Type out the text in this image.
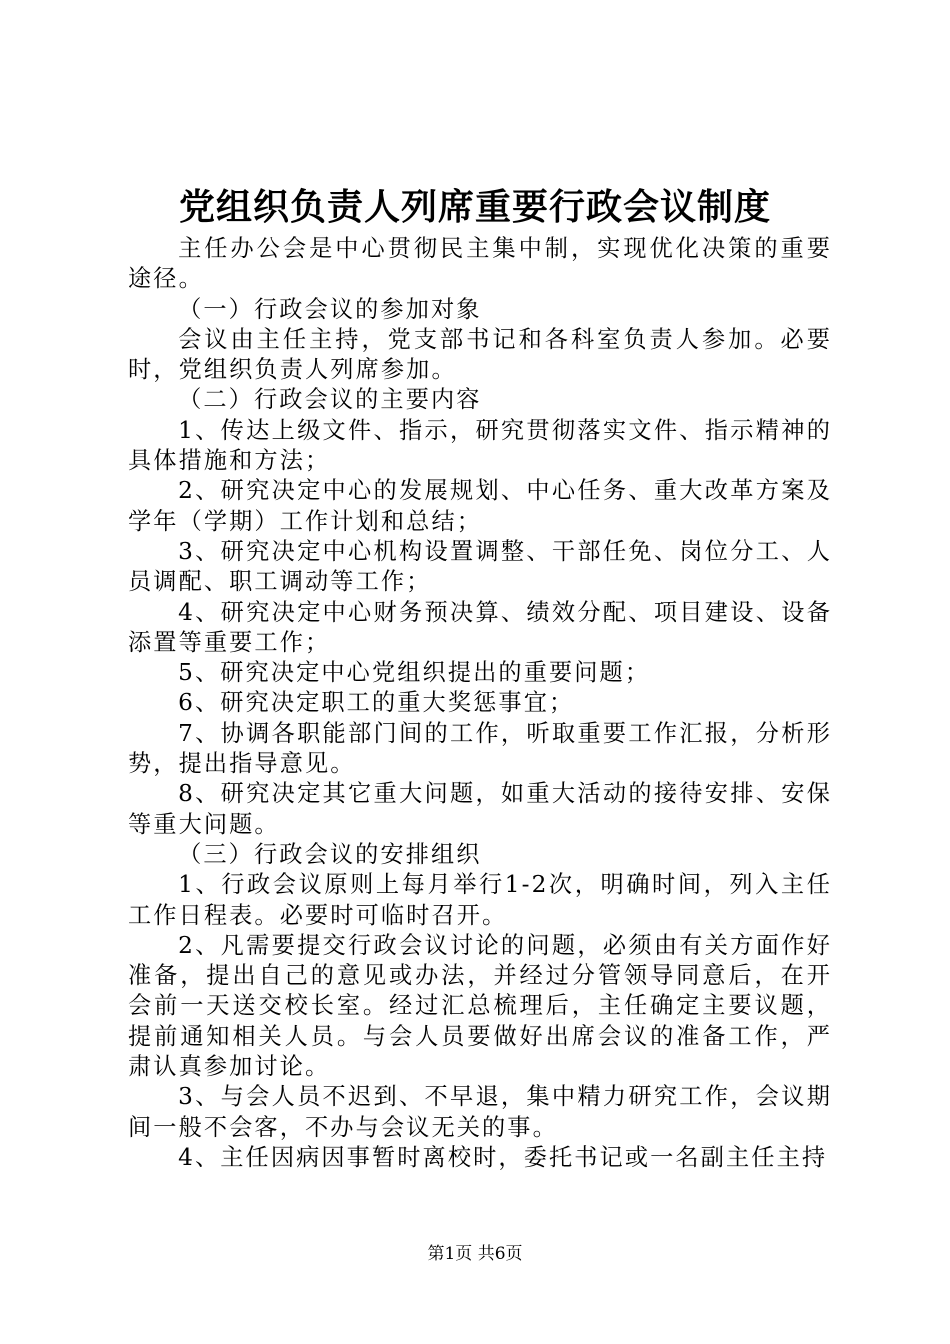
党组织负责人列席重要行政会议制度

主任办公会是中心贯彻民主集中制，实现优化决策的重要途径。

（一）行政会议的参加对象

会议由主任主持，党支部书记和各科室负责人参加。必要时，党组织负责人列席参加。

（二）行政会议的主要内容

1、传达上级文件、指示，研究贯彻落实文件、指示精神的具体措施和方法；

2、研究决定中心的发展规划、中心任务、重大改革方案及学年（学期）工作计划和总结；

3、研究决定中心机构设置调整、干部任免、岗位分工、人员调配、职工调动等工作；

4、研究决定中心财务预决算、绩效分配、项目建设、设备添置等重要工作；

5、研究决定中心党组织提出的重要问题；

6、研究决定职工的重大奖惩事宜；

7、协调各职能部门间的工作，听取重要工作汇报，分析形势，提出指导意见。

8、研究决定其它重大问题，如重大活动的接待安排、安保等重大问题。

（三）行政会议的安排组织

1、行政会议原则上每月举行1-2次，明确时间，列入主任工作日程表。必要时可临时召开。

2、凡需要提交行政会议讨论的问题，必须由有关方面作好准备，提出自己的意见或办法，并经过分管领导同意后，在开会前一天送交校长室。经过汇总梳理后，主任确定主要议题，提前通知相关人员。与会人员要做好出席会议的准备工作，严肃认真参加讨论。

3、与会人员不迟到、不早退，集中精力研究工作，会议期间一般不会客，不办与会议无关的事。

4、主任因病因事暂时离校时，委托书记或一名副主任主持

第1页 共6页
